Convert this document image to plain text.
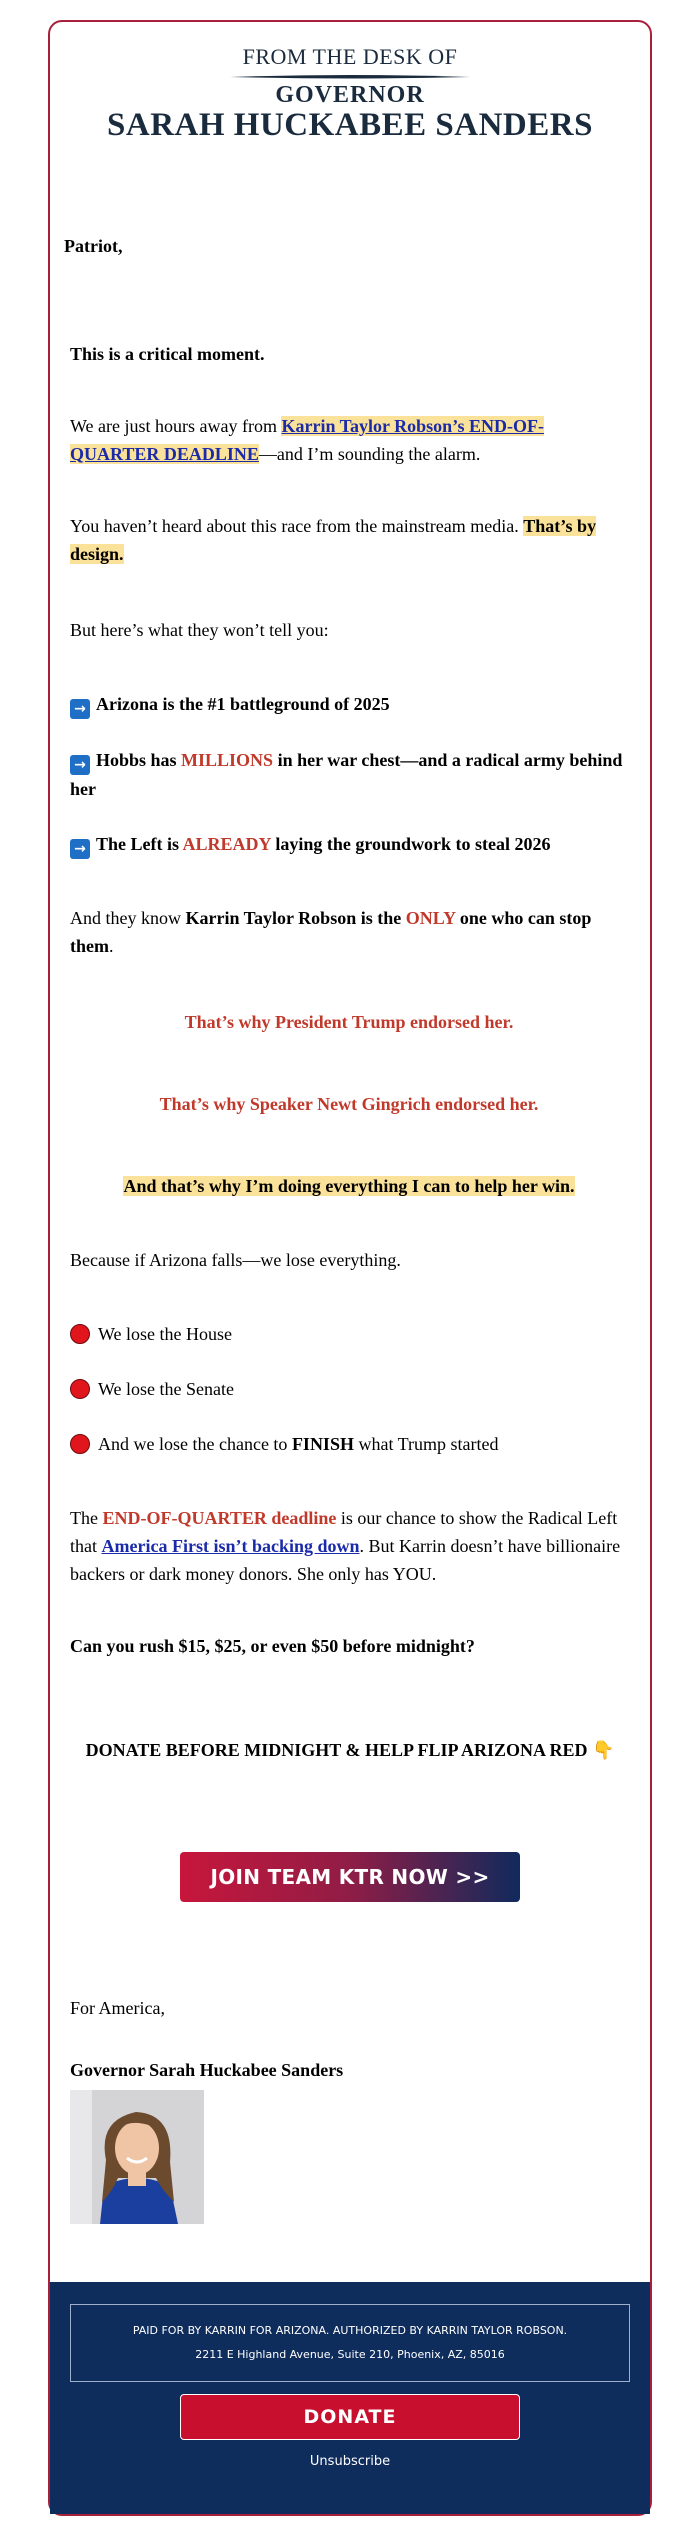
FROM THE DESK OF
GOVERNOR
SARAH HUCKABEE SANDERS

Patriot,

This is a critical moment.

We are just hours away from Karrin Taylor Robson’s END-OF-QUARTER DEADLINE—and I’m sounding the alarm.

You haven’t heard about this race from the mainstream media. That’s by design.

But here’s what they won’t tell you:

→ Arizona is the #1 battleground of 2025

→ Hobbs has MILLIONS in her war chest—and a radical army behind her

→ The Left is ALREADY laying the groundwork to steal 2026

And they know Karrin Taylor Robson is the ONLY one who can stop them.

That’s why President Trump endorsed her.

That’s why Speaker Newt Gingrich endorsed her.

And that’s why I’m doing everything I can to help her win.

Because if Arizona falls—we lose everything.

We lose the House

We lose the Senate

And we lose the chance to FINISH what Trump started

The END-OF-QUARTER deadline is our chance to show the Radical Left that America First isn’t backing down. But Karrin doesn’t have billionaire backers or dark money donors. She only has YOU.

Can you rush $15, $25, or even $50 before midnight?

DONATE BEFORE MIDNIGHT & HELP FLIP ARIZONA RED 👇

JOIN TEAM KTR NOW >>

For America,

Governor Sarah Huckabee Sanders

PAID FOR BY KARRIN FOR ARIZONA. AUTHORIZED BY KARRIN TAYLOR ROBSON.
2211 E Highland Avenue, Suite 210, Phoenix, AZ, 85016
DONATE
Unsubscribe
